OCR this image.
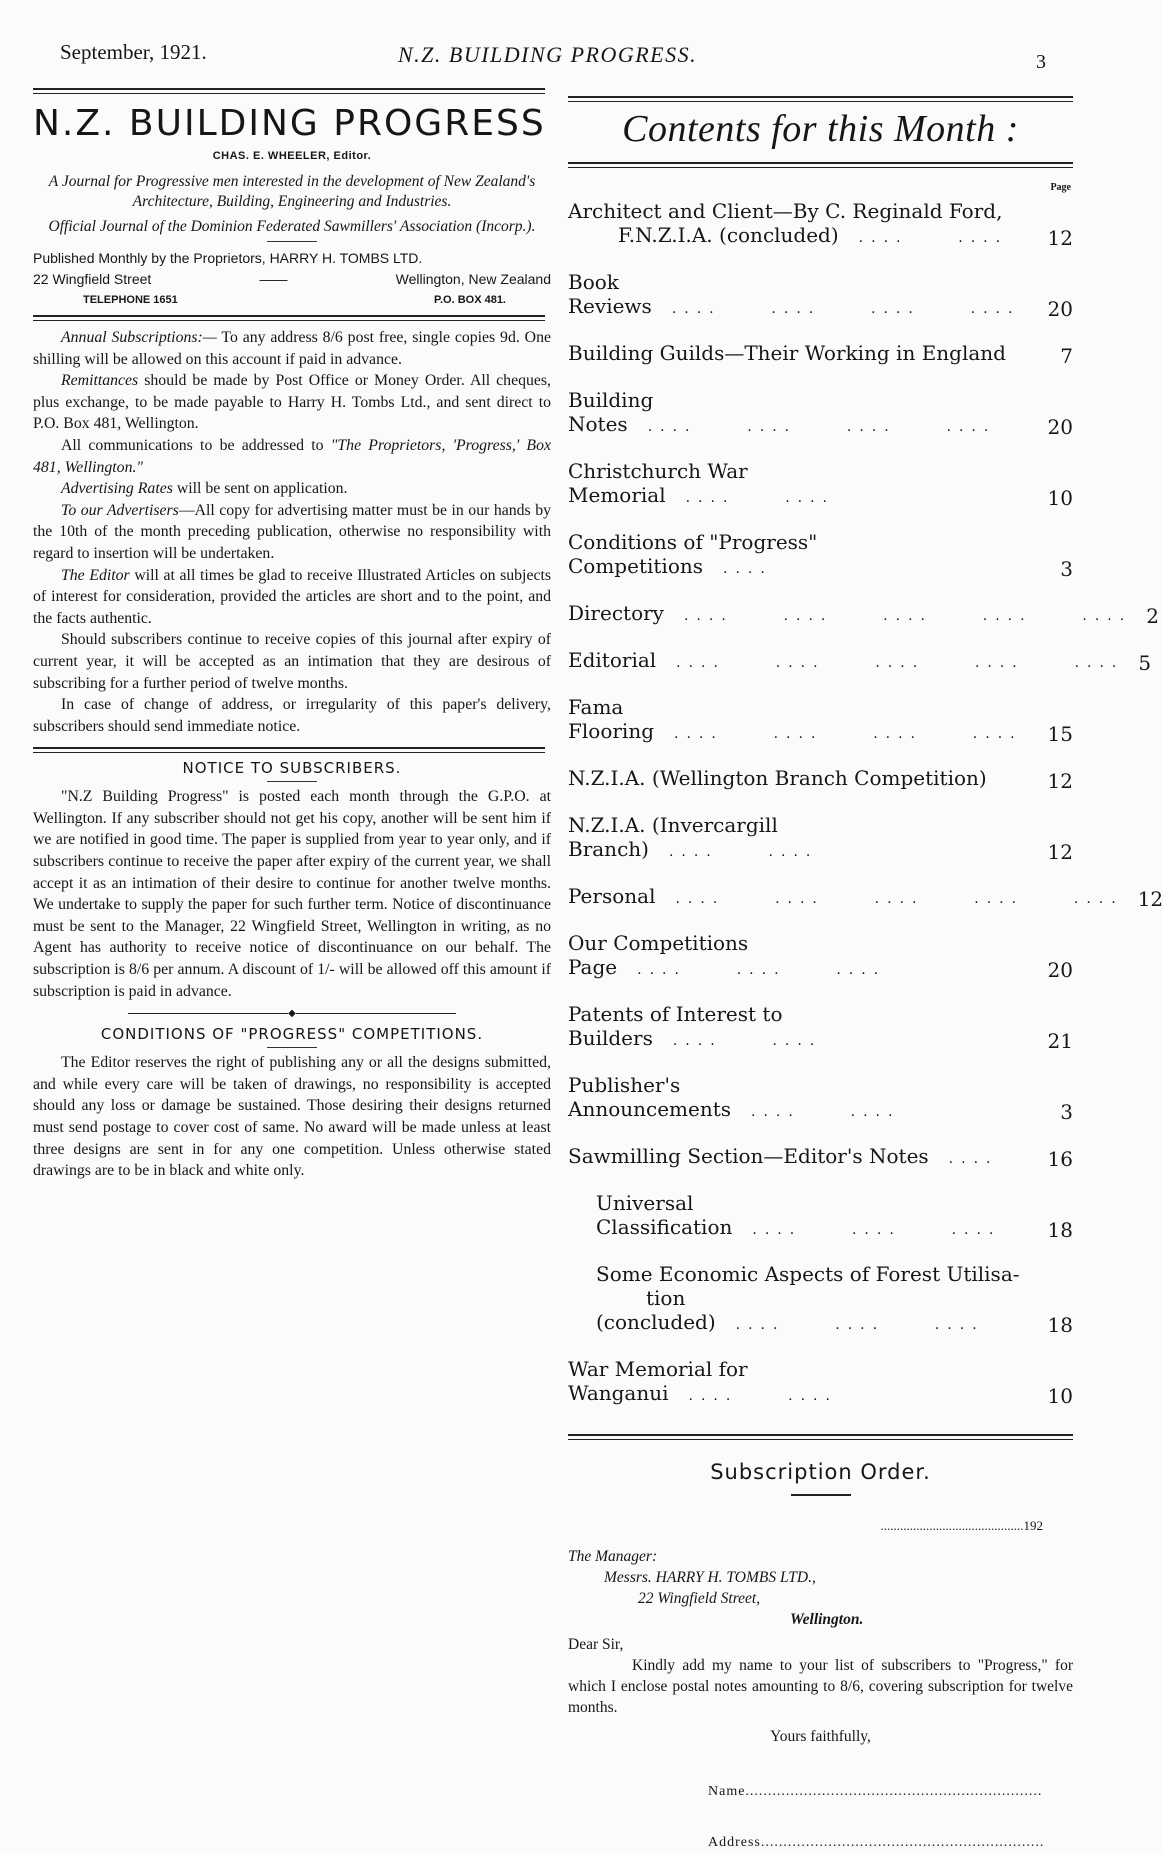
September, 1921.	N.Z. BUILDING PROGRESS.	3
N.Z. BUILDING PROGRESS
CHAS. E. WHEELER, Editor.
A Journal for Progressive men interested in the development of New Zealand's Architecture, Building, Engineering and Industries.
Official Journal of the Dominion Federated Sawmillers' Association (Incorp.).
Published Monthly by the Proprietors, HARRY H. TOMBS LTD.
22 Wingfield Street	——	Wellington, New Zealand
TELEPHONE 1651	P.O. BOX 481.

Annual Subscriptions:— To any address 8/6 post free, single copies 9d. One shilling will be allowed on this account if paid in advance.

Remittances should be made by Post Office or Money Order. All cheques, plus exchange, to be made payable to Harry H. Tombs Ltd., and sent direct to P.O. Box 481, Wellington.

All communications to be addressed to "The Proprietors, 'Progress,' Box 481, Wellington."

Advertising Rates will be sent on application.

To our Advertisers—All copy for advertising matter must be in our hands by the 10th of the month preceding publication, otherwise no responsibility with regard to insertion will be undertaken.

The Editor will at all times be glad to receive Illustrated Articles on subjects of interest for consideration, provided the articles are short and to the point, and the facts authentic.

Should subscribers continue to receive copies of this journal after expiry of current year, it will be accepted as an intimation that they are desirous of subscribing for a further period of twelve months.

In case of change of address, or irregularity of this paper's delivery, subscribers should send immediate notice.

NOTICE TO SUBSCRIBERS.

"N.Z Building Progress" is posted each month through the G.P.O. at Wellington. If any subscriber should not get his copy, another will be sent him if we are notified in good time. The paper is supplied from year to year only, and if subscribers continue to receive the paper after expiry of the current year, we shall accept it as an intimation of their desire to continue for another twelve months. We undertake to supply the paper for such further term. Notice of discontinuance must be sent to the Manager, 22 Wingfield Street, Wellington in writing, as no Agent has authority to receive notice of discontinuance on our behalf. The subscription is 8/6 per annum. A discount of 1/- will be allowed off this amount if subscription is paid in advance.

◆
CONDITIONS OF "PROGRESS" COMPETITIONS.

The Editor reserves the right of publishing any or all the designs submitted, and while every care will be taken of drawings, no responsibility is accepted should any loss or damage be sustained. Those desiring their designs returned must send postage to cover cost of same. No award will be made unless at least three designs are sent in for any one competition. Unless otherwise stated drawings are to be in black and white only.

Contents for this Month :
Page
Architect and Client—By C. Reginald Ford,
F.N.Z.I.A. (concluded) ....    ....	12
Book Reviews ....    ....    ....    ....	20
Building Guilds—Their Working in England	7
Building Notes ....    ....    ....    ....	20
Christchurch War Memorial ....    ....	10
Conditions of "Progress" Competitions ....	3
Directory ....    ....    ....    ....    .... 2
Editorial ....    ....    ....    ....    .... 5
Fama Flooring ....    ....    ....    ....	15
N.Z.I.A. (Wellington Branch Competition)	12
N.Z.I.A. (Invercargill Branch) ....    ....	12
Personal ....    ....    ....    ....    .... 12
Our Competitions Page ....    ....    ....	20
Patents of Interest to Builders ....    ....	21
Publisher's Announcements ....    ....	3
Sawmilling Section—Editor's Notes ....	16
Universal Classification ....    ....    ....	18
Some Economic Aspects of Forest Utilisa-
tion (concluded) ....    ....    ....	18
War Memorial for Wanganui ....    ....	10
Subscription Order.
............................................192
The Manager:
Messrs. HARRY H. TOMBS LTD.,
22 Wingfield Street,
Wellington.
Dear Sir,
Kindly add my name to your list of subscribers to "Progress," for which I enclose postal notes amounting to 8/6, covering subscription for twelve months.
Yours faithfully,
Name..................................................................
Address...............................................................
